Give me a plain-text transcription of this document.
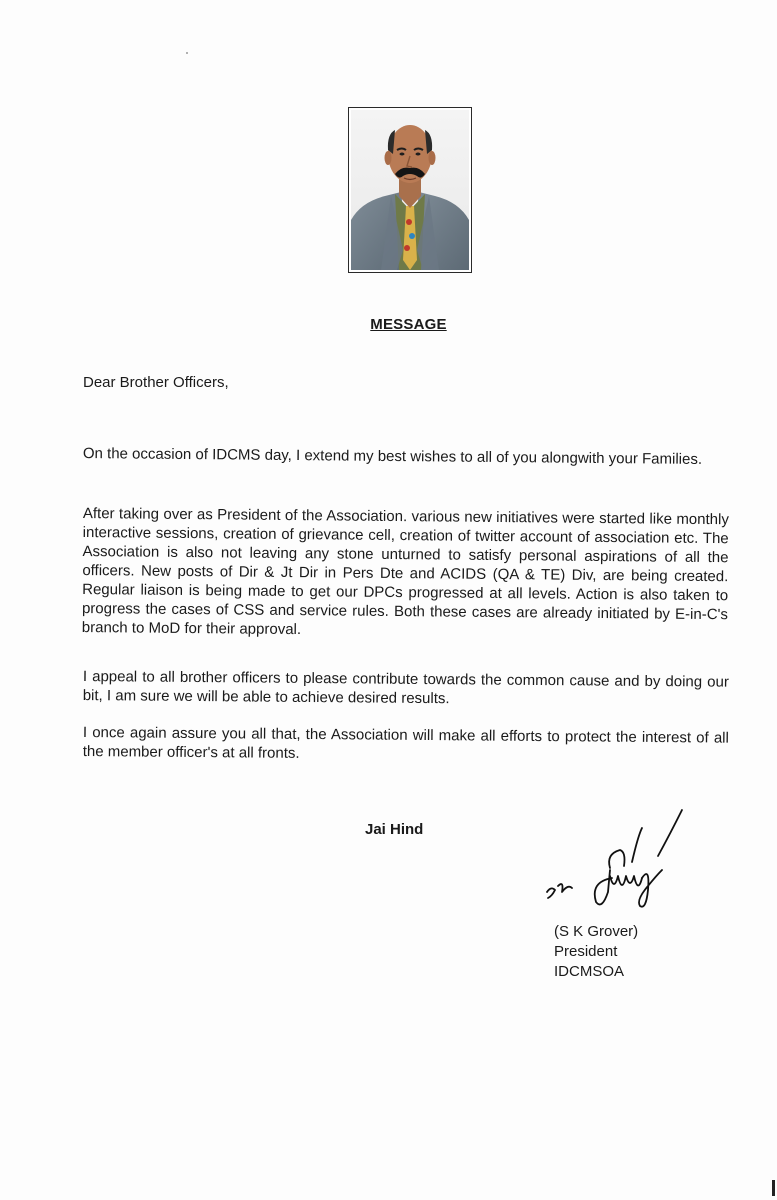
MESSAGE
Dear Brother Officers,

On the occasion of IDCMS day, I extend my best wishes to all of you alongwith your Families.

After taking over as President of the Association. various new initiatives were started like monthly interactive sessions, creation of grievance cell, creation of twitter account of association etc. The Association is also not leaving any stone unturned to satisfy personal aspirations of all the officers. New posts of Dir & Jt Dir in Pers Dte and ACIDS (QA & TE) Div, are being created. Regular liaison is being made to get our DPCs progressed at all levels. Action is also taken to progress the cases of CSS and service rules. Both these cases are already initiated by E-in-C's branch to MoD for their approval.

I appeal to all brother officers to please contribute towards the common cause and by doing our bit, I am sure we will be able to achieve desired results.

I once again assure you all that, the Association will make all efforts to protect the interest of all the member officer's at all fronts.

Jai Hind
(S K Grover)
President
IDCMSOA
